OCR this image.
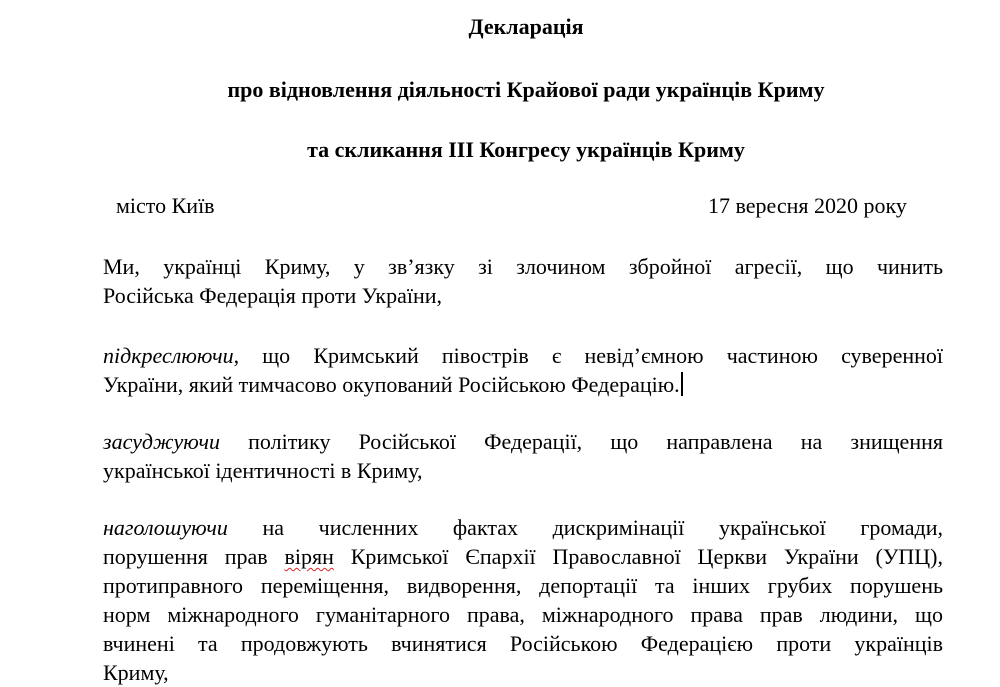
Декларація
про відновлення діяльності Крайової ради українців Криму
та скликання ІІІ Конгресу українців Криму
місто Київ	17 вересня 2020 року
Ми, українці Криму, у зв’язку зі злочином збройної агресії, що чинить
Російська Федерація проти України,
підкреслюючи, що Кримський півострів є невід’ємною частиною суверенної
України, який тимчасово окупований Російською Федерацію.
засуджуючи політику Російської Федерації, що направлена на знищення
української ідентичності в Криму,
наголошуючи на численних фактах дискримінації української громади,
порушення прав вірян Кримської Єпархії Православної Церкви України (УПЦ),
протиправного переміщення, видворення, депортації та інших грубих порушень
норм міжнародного гуманітарного права, міжнародного права прав людини, що
вчинені та продовжують вчинятися Російською Федерацією проти українців
Криму,
